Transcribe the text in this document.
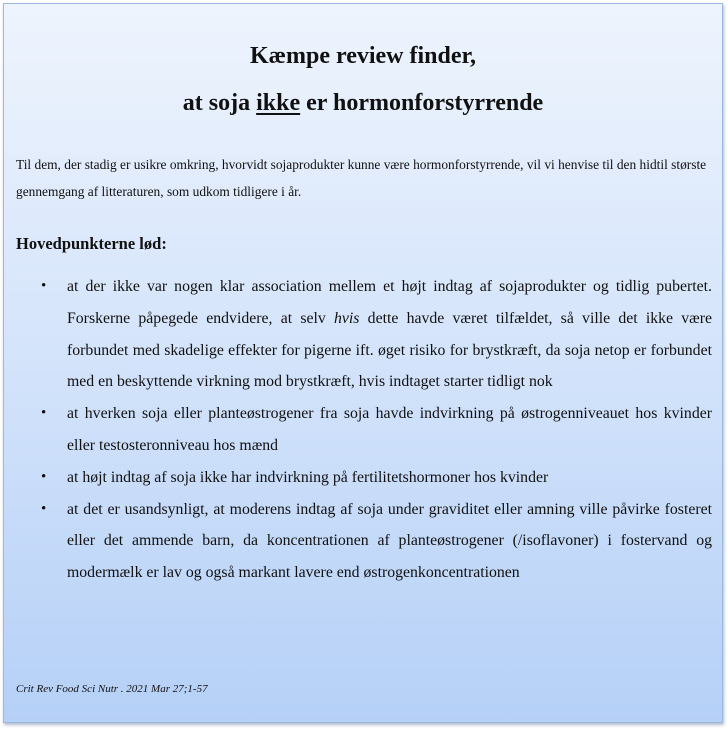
Kæmpe review finder,
at soja ikke er hormonforstyrrende

Til dem, der stadig er usikre omkring, hvorvidt sojaprodukter kunne være hormonforstyrrende, vil vi henvise til den hidtil største gennemgang af litteraturen, som udkom tidligere i år.

Hovedpunkterne lød:

• at der ikke var nogen klar association mellem et højt indtag af sojaprodukter og tidlig pubertet. Forskerne påpegede endvidere, at selv hvis dette havde været tilfældet, så ville det ikke være forbundet med skadelige effekter for pigerne ift. øget risiko for brystkræft, da soja netop er forbundet med en beskyttende virkning mod brystkræft, hvis indtaget starter tidligt nok
• at hverken soja eller planteøstrogener fra soja havde indvirkning på østrogenniveauet hos kvinder eller testosteronniveau hos mænd
• at højt indtag af soja ikke har indvirkning på fertilitetshormoner hos kvinder
• at det er usandsynligt, at moderens indtag af soja under graviditet eller amning ville påvirke fosteret eller det ammende barn, da koncentrationen af planteøstrogener (/isoflavoner) i fostervand og modermælk er lav og også markant lavere end østrogenkoncentrationen

Crit Rev Food Sci Nutr . 2021 Mar 27;1-57
